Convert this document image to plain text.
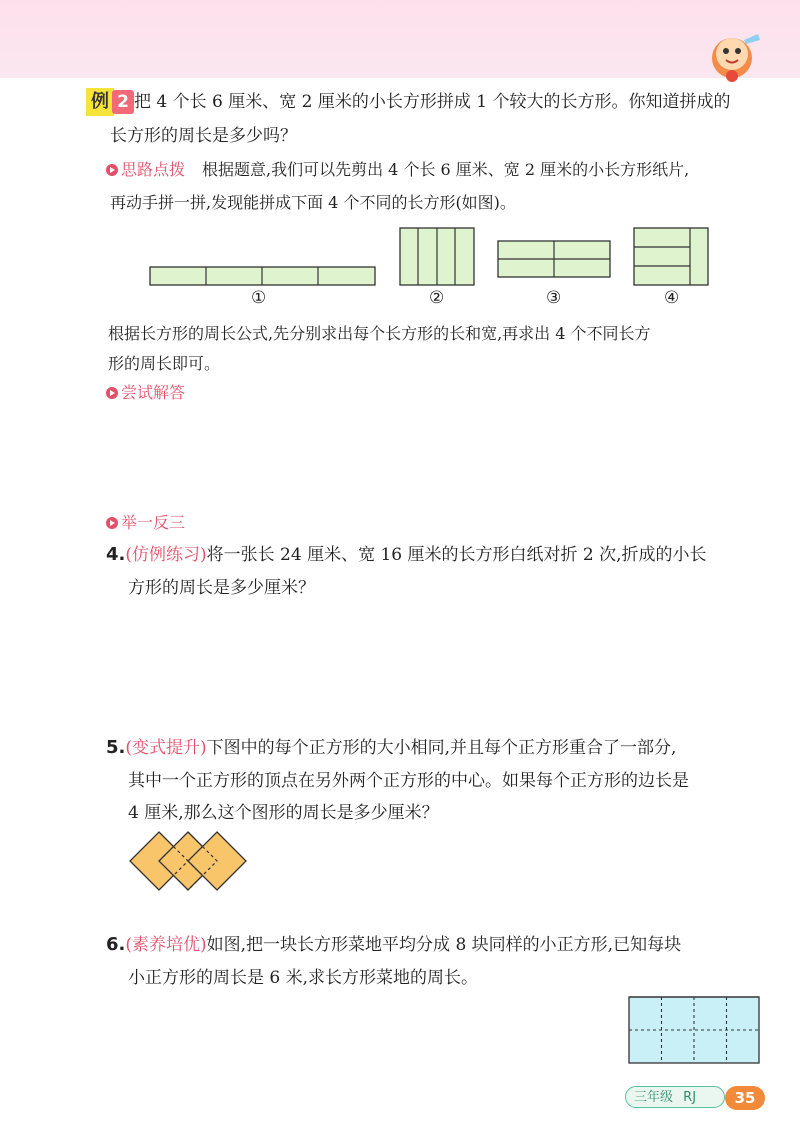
例 2 把 4 个长 6 厘米、宽 2 厘米的小长方形拼成 1 个较大的长方形。你知道拼成的
长方形的周长是多少吗？
思路点拨 根据题意,我们可以先剪出 4 个长 6 厘米、宽 2 厘米的小长方形纸片,
再动手拼一拼,发现能拼成下面 4 个不同的长方形(如图)。
①	②	③	④
根据长方形的周长公式,先分别求出每个长方形的长和宽,再求出 4 个不同长方
形的周长即可。
尝试解答
举一反三
4.(仿例练习)将一张长 24 厘米、宽 16 厘米的长方形白纸对折 2 次,折成的小长
方形的周长是多少厘米？
5.(变式提升)下图中的每个正方形的大小相同,并且每个正方形重合了一部分,
其中一个正方形的顶点在另外两个正方形的中心。如果每个正方形的边长是
4 厘米,那么这个图形的周长是多少厘米？
6.(素养培优)如图,把一块长方形菜地平均分成 8 块同样的小正方形,已知每块
小正方形的周长是 6 米,求长方形菜地的周长。
三年级 RJ	35
